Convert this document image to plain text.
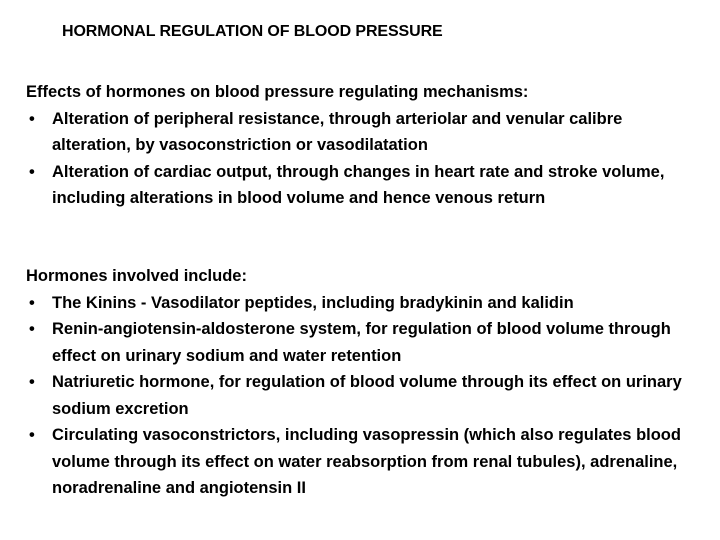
HORMONAL REGULATION OF BLOOD PRESSURE
Effects of hormones on blood pressure regulating mechanisms:
• Alteration of peripheral resistance, through arteriolar and venular calibre alteration, by vasoconstriction or vasodilatation
• Alteration of cardiac output, through changes in heart rate and stroke volume, including alterations in blood volume and hence venous return
Hormones involved include:
• The Kinins - Vasodilator peptides, including bradykinin and kalidin
• Renin-angiotensin-aldosterone system, for regulation of blood volume through effect on urinary sodium and water retention
• Natriuretic hormone, for regulation of blood volume through its effect on urinary sodium excretion
• Circulating vasoconstrictors, including vasopressin (which also regulates blood volume through its effect on water reabsorption from renal tubules), adrenaline, noradrenaline and angiotensin II
